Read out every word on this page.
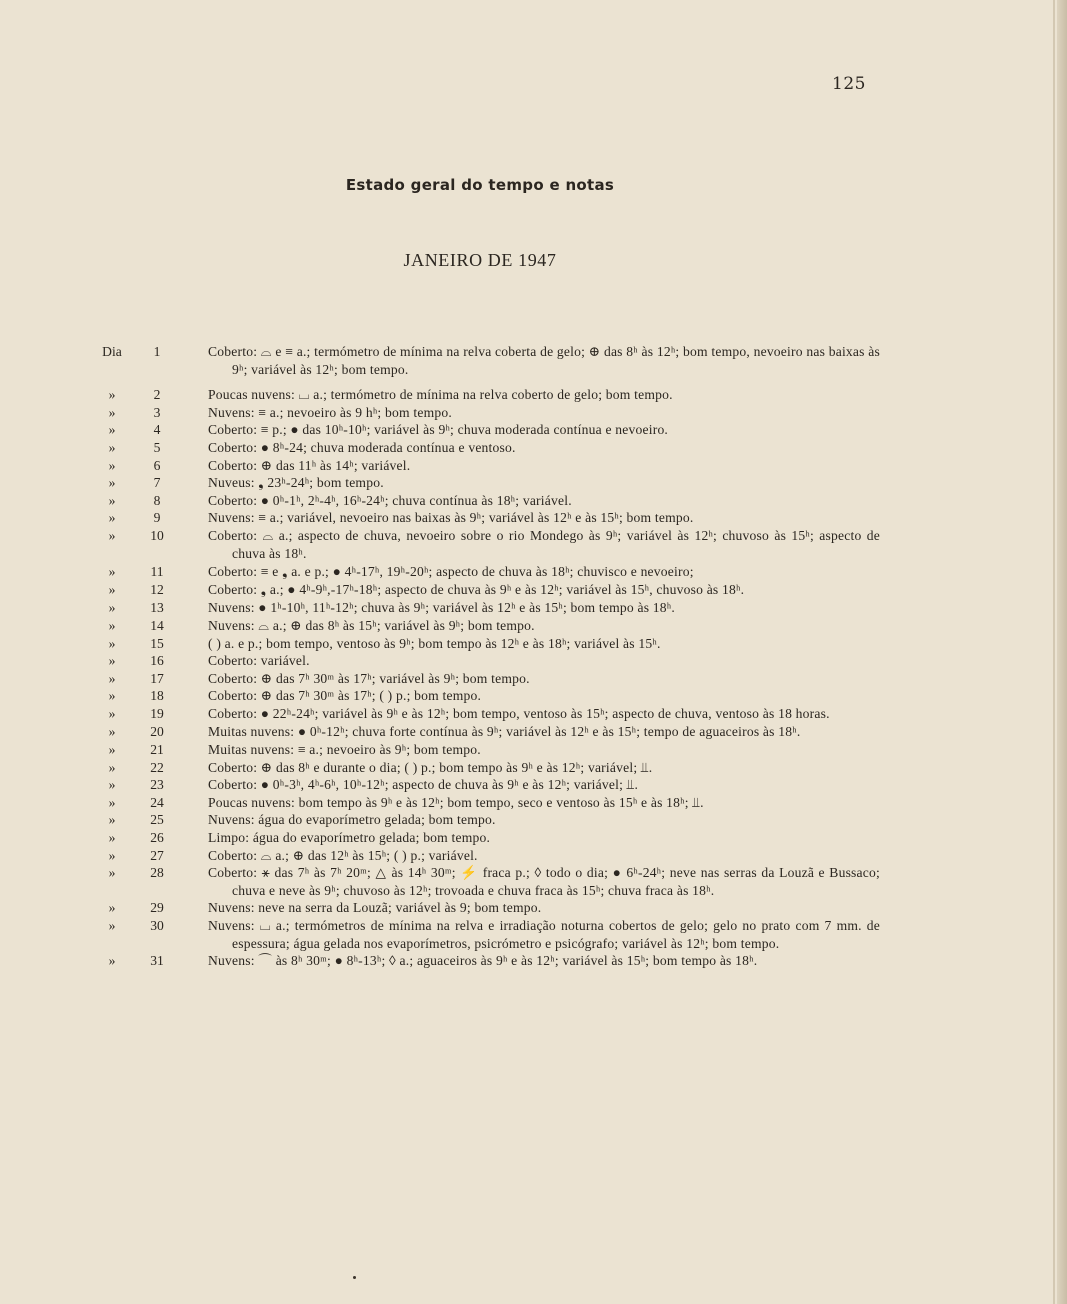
125
Estado geral do tempo e notas
JANEIRO DE 1947
Dia	1	Coberto: ⌓ e ≡ a.; termómetro de mínima na relva coberta de gelo; ⊕ das 8ʰ às 12ʰ; bom tempo, nevoeiro nas baixas às 9ʰ; variável às 12ʰ; bom tempo.
»	2	Poucas nuvens: ⌴ a.; termómetro de mínima na relva coberto de gelo; bom tempo.
»	3	Nuvens: ≡ a.; nevoeiro às 9 hʰ; bom tempo.
»	4	Coberto: ≡ p.; ● das 10ʰ-10ʰ; variável às 9ʰ; chuva moderada contínua e nevoeiro.
»	5	Coberto: ● 8ʰ-24; chuva moderada contínua e ventoso.
»	6	Coberto: ⊕ das 11ʰ às 14ʰ; variável.
»	7	Nuveus: ❟ 23ʰ-24ʰ; bom tempo.
»	8	Coberto: ● 0ʰ-1ʰ, 2ʰ-4ʰ, 16ʰ-24ʰ; chuva contínua às 18ʰ; variável.
»	9	Nuvens: ≡ a.; variável, nevoeiro nas baixas às 9ʰ; variável às 12ʰ e às 15ʰ; bom tempo.
»	10	Coberto: ⌓ a.; aspecto de chuva, nevoeiro sobre o rio Mondego às 9ʰ; variável às 12ʰ; chuvoso às 15ʰ; aspecto de chuva às 18ʰ.
»	11	Coberto: ≡ e ❟ a. e p.; ● 4ʰ-17ʰ, 19ʰ-20ʰ; aspecto de chuva às 18ʰ; chuvisco e nevoeiro;
»	12	Coberto: ❟ a.; ● 4ʰ-9ʰ,-17ʰ-18ʰ; aspecto de chuva às 9ʰ e às 12ʰ; variável às 15ʰ, chuvoso às 18ʰ.
»	13	Nuvens: ● 1ʰ-10ʰ, 11ʰ-12ʰ; chuva às 9ʰ; variável às 12ʰ e às 15ʰ; bom tempo às 18ʰ.
»	14	Nuvens: ⌓ a.; ⊕ das 8ʰ às 15ʰ; variável às 9ʰ; bom tempo.
»	15	( ) a. e p.; bom tempo, ventoso às 9ʰ; bom tempo às 12ʰ e às 18ʰ; variável às 15ʰ.
»	16	Coberto: variável.
»	17	Coberto: ⊕ das 7ʰ 30ᵐ às 17ʰ; variável às 9ʰ; bom tempo.
»	18	Coberto: ⊕ das 7ʰ 30ᵐ às 17ʰ; ( ) p.; bom tempo.
»	19	Coberto: ● 22ʰ-24ʰ; variável às 9ʰ e às 12ʰ; bom tempo, ventoso às 15ʰ; aspecto de chuva, ventoso às 18 horas.
»	20	Muitas nuvens: ● 0ʰ-12ʰ; chuva forte contínua às 9ʰ; variável às 12ʰ e às 15ʰ; tempo de aguaceiros às 18ʰ.
»	21	Muitas nuvens: ≡ a.; nevoeiro às 9ʰ; bom tempo.
»	22	Coberto: ⊕ das 8ʰ e durante o dia; ( ) p.; bom tempo às 9ʰ e às 12ʰ; variável; ⫫.
»	23	Coberto: ● 0ʰ-3ʰ, 4ʰ-6ʰ, 10ʰ-12ʰ; aspecto de chuva às 9ʰ e às 12ʰ; variável; ⫫.
»	24	Poucas nuvens: bom tempo às 9ʰ e às 12ʰ; bom tempo, seco e ventoso às 15ʰ e às 18ʰ; ⫫.
»	25	Nuvens: água do evaporímetro gelada; bom tempo.
»	26	Limpo: água do evaporímetro gelada; bom tempo.
»	27	Coberto: ⌓ a.; ⊕ das 12ʰ às 15ʰ; ( ) p.; variável.
»	28	Coberto: ⚹ das 7ʰ às 7ʰ 20ᵐ; △ às 14ʰ 30ᵐ; ⚡ fraca p.; ◊ todo o dia; ● 6ʰ-24ʰ; neve nas serras da Louzã e Bussaco; chuva e neve às 9ʰ; chuvoso às 12ʰ; trovoada e chuva fraca às 15ʰ; chuva fraca às 18ʰ.
»	29	Nuvens: neve na serra da Louzã; variável às 9; bom tempo.
»	30	Nuvens: ⌴ a.; termómetros de mínima na relva e irradiação noturna cobertos de gelo; gelo no prato com 7 mm. de espessura; água gelada nos evaporímetros, psicrómetro e psicógrafo; variável às 12ʰ; bom tempo.
»	31	Nuvens: ⌒ às 8ʰ 30ᵐ; ● 8ʰ-13ʰ; ◊ a.; aguaceiros às 9ʰ e às 12ʰ; variável às 15ʰ; bom tempo às 18ʰ.
